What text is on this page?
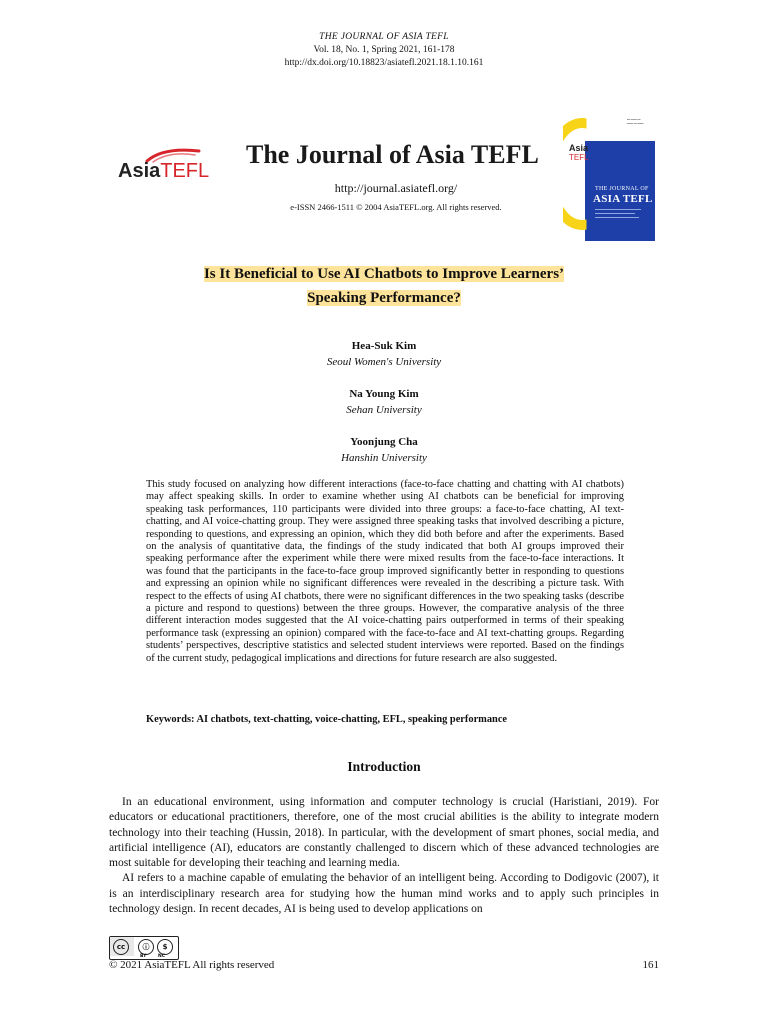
THE JOURNAL OF ASIA TEFL
Vol. 18, No. 1, Spring 2021, 161-178
http://dx.doi.org/10.18823/asiatefl.2021.18.1.10.161
AsiaTEFL
The Journal of Asia TEFL
http://journal.asiatefl.org/
e-ISSN 2466-1511 © 2004 AsiaTEFL.org. All rights reserved.
▬ ▬▬ ▬
▬▬ ▬ ▬▬
Asia
TEFL
THE JOURNAL OF
ASIA TEFL
Is It Beneficial to Use AI Chatbots to Improve Learners’
Speaking Performance?
Hea-Suk Kim
Seoul Women's University
Na Young Kim
Sehan University
Yoonjung Cha
Hanshin University
This study focused on analyzing how different interactions (face-to-face chatting and chatting with AI chatbots) may affect speaking skills. In order to examine whether using AI chatbots can be beneficial for improving speaking task performances, 110 participants were divided into three groups: a face-to-face chatting, AI text-chatting, and AI voice-chatting group. They were assigned three speaking tasks that involved describing a picture, responding to questions, and expressing an opinion, which they did both before and after the experiments. Based on the analysis of quantitative data, the findings of the study indicated that both AI groups improved their speaking performance after the experiment while there were mixed results from the face-to-face interactions. It was found that the participants in the face-to-face group improved significantly better in responding to questions and expressing an opinion while no significant differences were revealed in the describing a picture task. With respect to the effects of using AI chatbots, there were no significant differences in the two speaking tasks (describe a picture and respond to questions) between the three groups. However, the comparative analysis of the three different interaction modes suggested that the AI voice-chatting pairs outperformed in terms of their speaking performance task (expressing an opinion) compared with the face-to-face and AI text-chatting groups. Regarding students’ perspectives, descriptive statistics and selected student interviews were reported. Based on the findings of the current study, pedagogical implications and directions for future research are also suggested.
Keywords: AI chatbots, text-chatting, voice-chatting, EFL, speaking performance
Introduction

In an educational environment, using information and computer technology is crucial (Haristiani, 2019). For educators or educational practitioners, therefore, one of the most crucial abilities is the ability to integrate modern technology into their teaching (Hussin, 2018). In particular, with the development of smart phones, social media, and artificial intelligence (AI), educators are constantly challenged to discern which of these advanced technologies are most suitable for developing their teaching and learning media.

AI refers to a machine capable of emulating the behavior of an intelligent being. According to Dodigovic (2007), it is an interdisciplinary research area for studying how the human mind works and to apply such principles in technology design. In recent decades, AI is being used to develop applications on

cc	ⓘ	$
BY	NC
© 2021 AsiaTEFL All rights reserved	161
